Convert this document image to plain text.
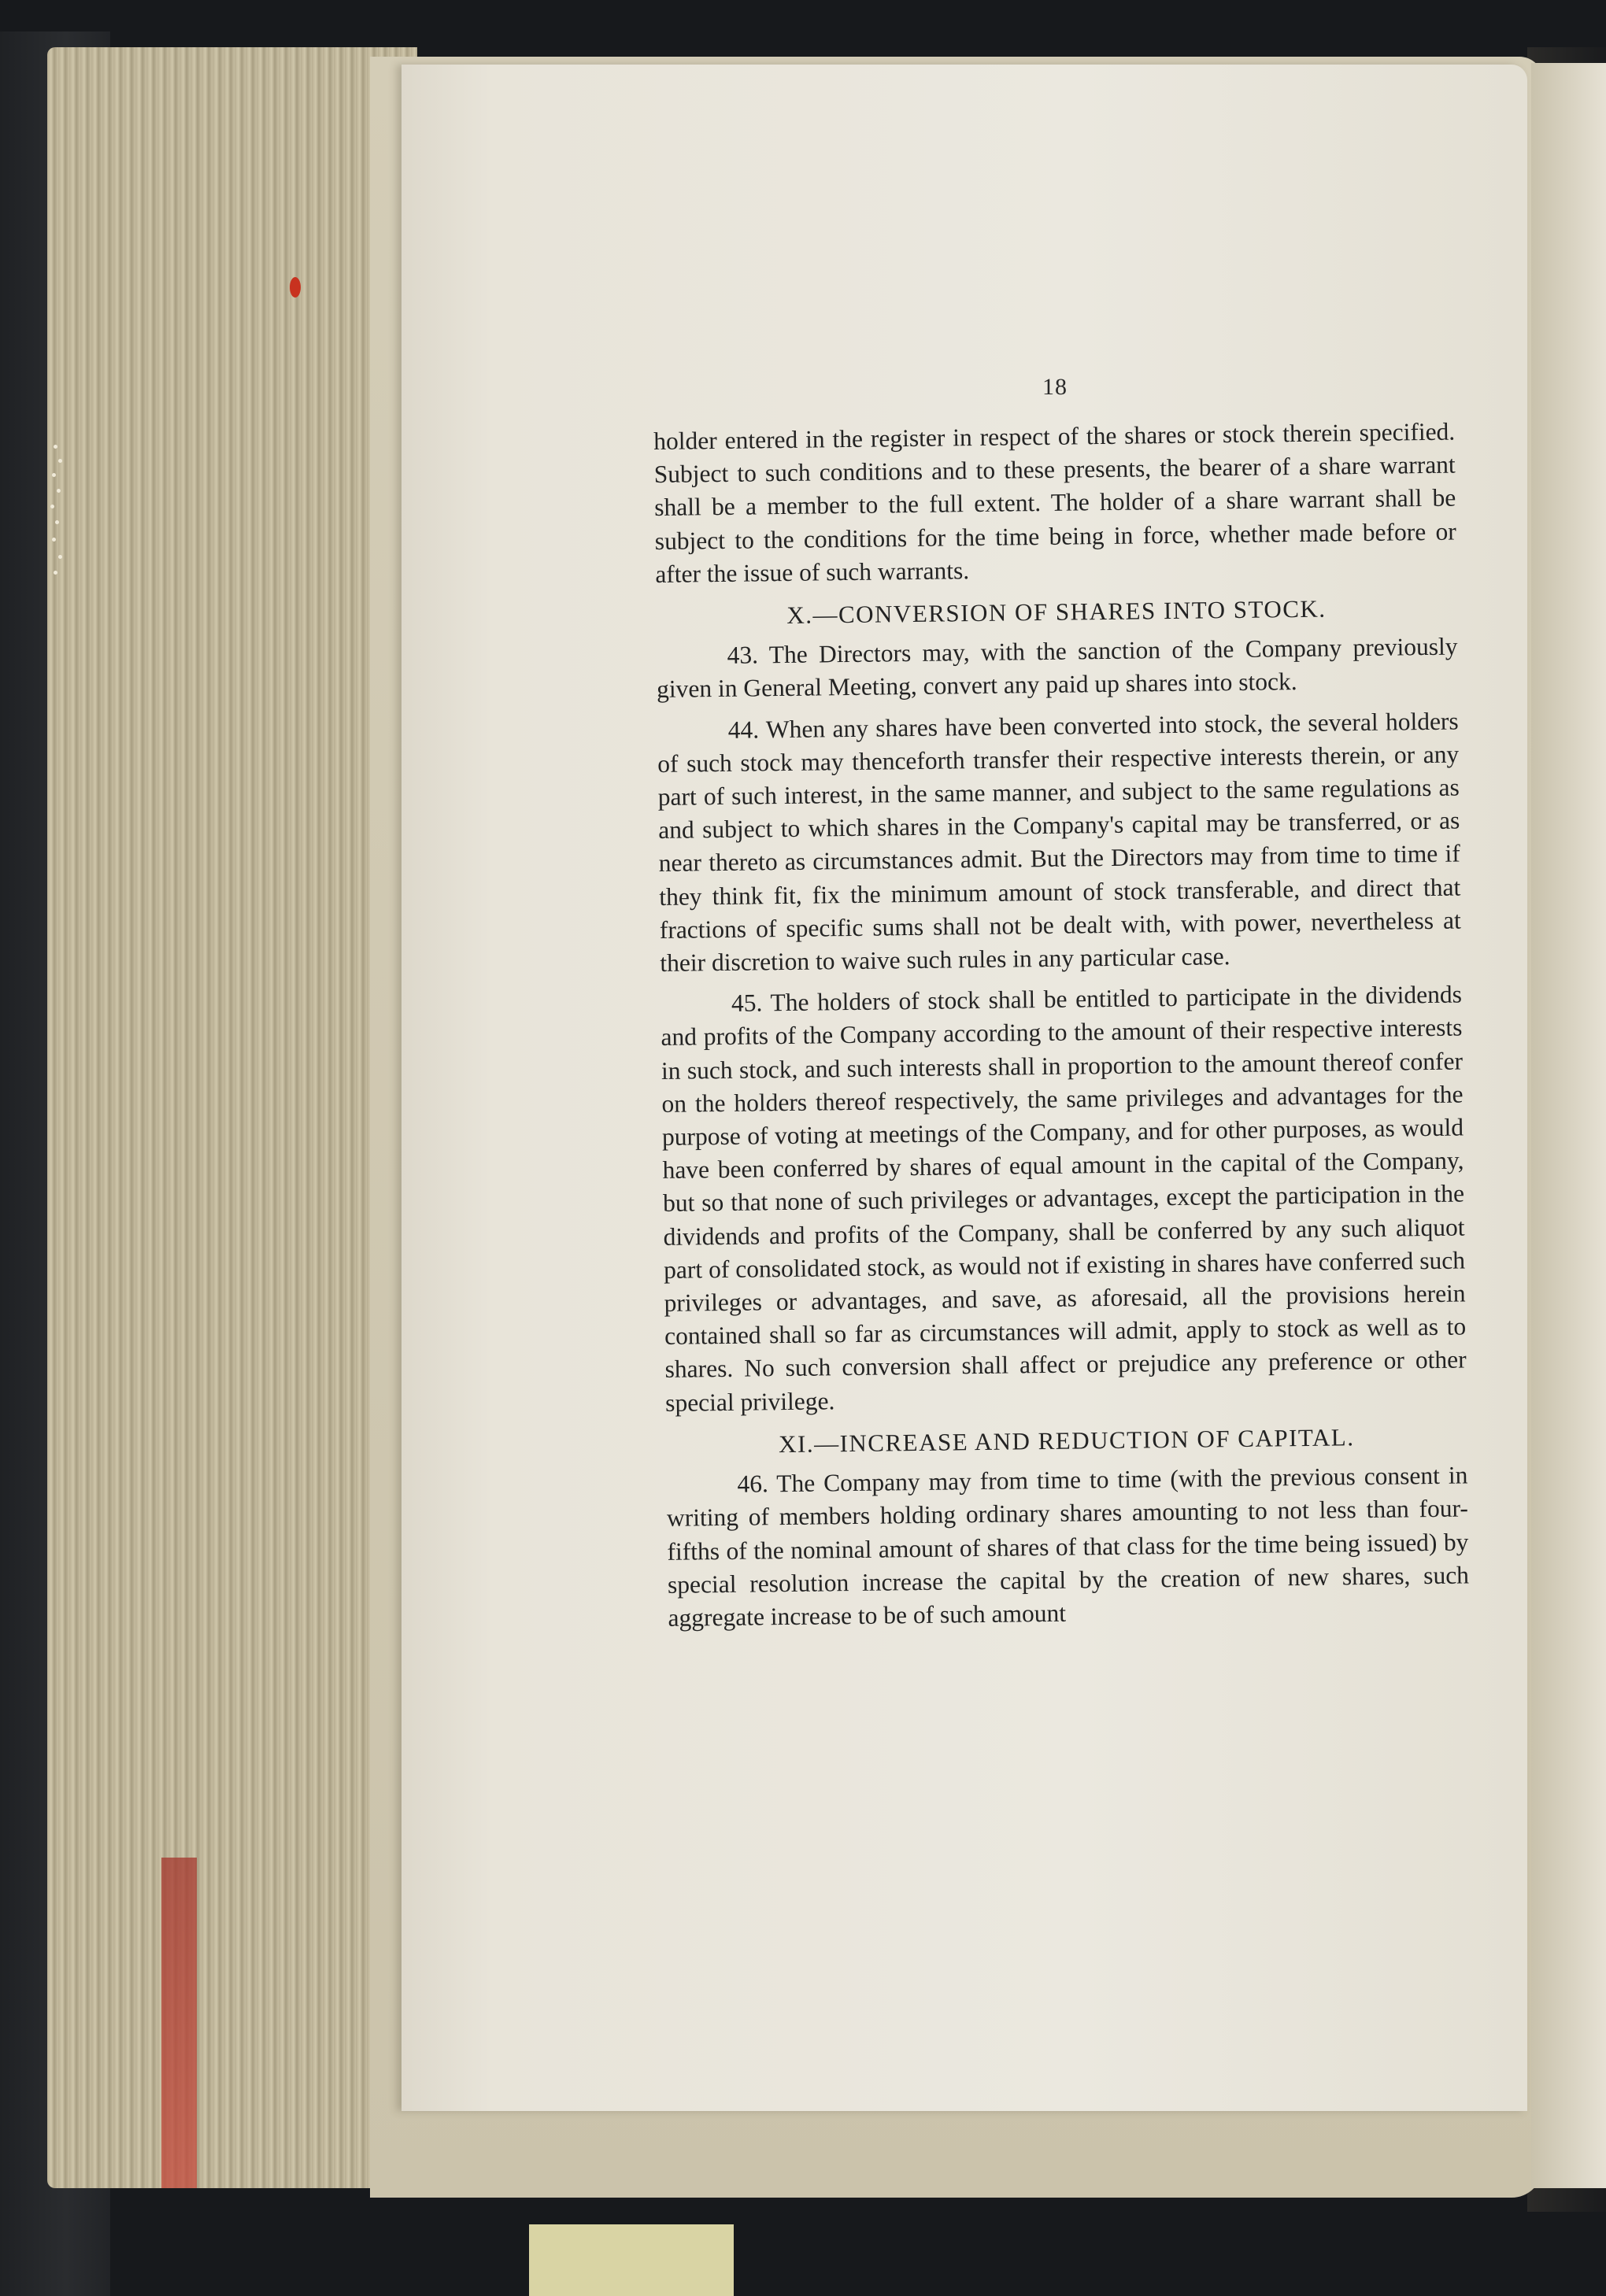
18

holder entered in the register in respect of the shares or stock therein specified. Subject to such conditions and to these presents, the bearer of a share warrant shall be a member to the full extent. The holder of a share warrant shall be subject to the conditions for the time being in force, whether made before or after the issue of such warrants.

X.—CONVERSION OF SHARES INTO STOCK.

43. The Directors may, with the sanction of the Company previously given in General Meeting, convert any paid up shares into stock.

44. When any shares have been converted into stock, the several holders of such stock may thenceforth transfer their respective interests therein, or any part of such interest, in the same manner, and subject to the same regulations as and subject to which shares in the Company's capital may be transferred, or as near thereto as circumstances admit. But the Directors may from time to time if they think fit, fix the minimum amount of stock transferable, and direct that fractions of specific sums shall not be dealt with, with power, nevertheless at their discretion to waive such rules in any particular case.

45. The holders of stock shall be entitled to participate in the dividends and profits of the Company according to the amount of their respective interests in such stock, and such interests shall in proportion to the amount thereof confer on the holders thereof respectively, the same privileges and advantages for the purpose of voting at meetings of the Company, and for other purposes, as would have been conferred by shares of equal amount in the capital of the Company, but so that none of such privileges or advantages, except the participation in the dividends and profits of the Company, shall be conferred by any such aliquot part of consolidated stock, as would not if existing in shares have conferred such privileges or advantages, and save, as aforesaid, all the provisions herein contained shall so far as circumstances will admit, apply to stock as well as to shares. No such conversion shall affect or prejudice any preference or other special privilege.

XI.—INCREASE AND REDUCTION OF CAPITAL.

46. The Company may from time to time (with the previous consent in writing of members holding ordinary shares amounting to not less than four-fifths of the nominal amount of shares of that class for the time being issued) by special resolution increase the capital by the creation of new shares, such aggregate increase to be of such amount
